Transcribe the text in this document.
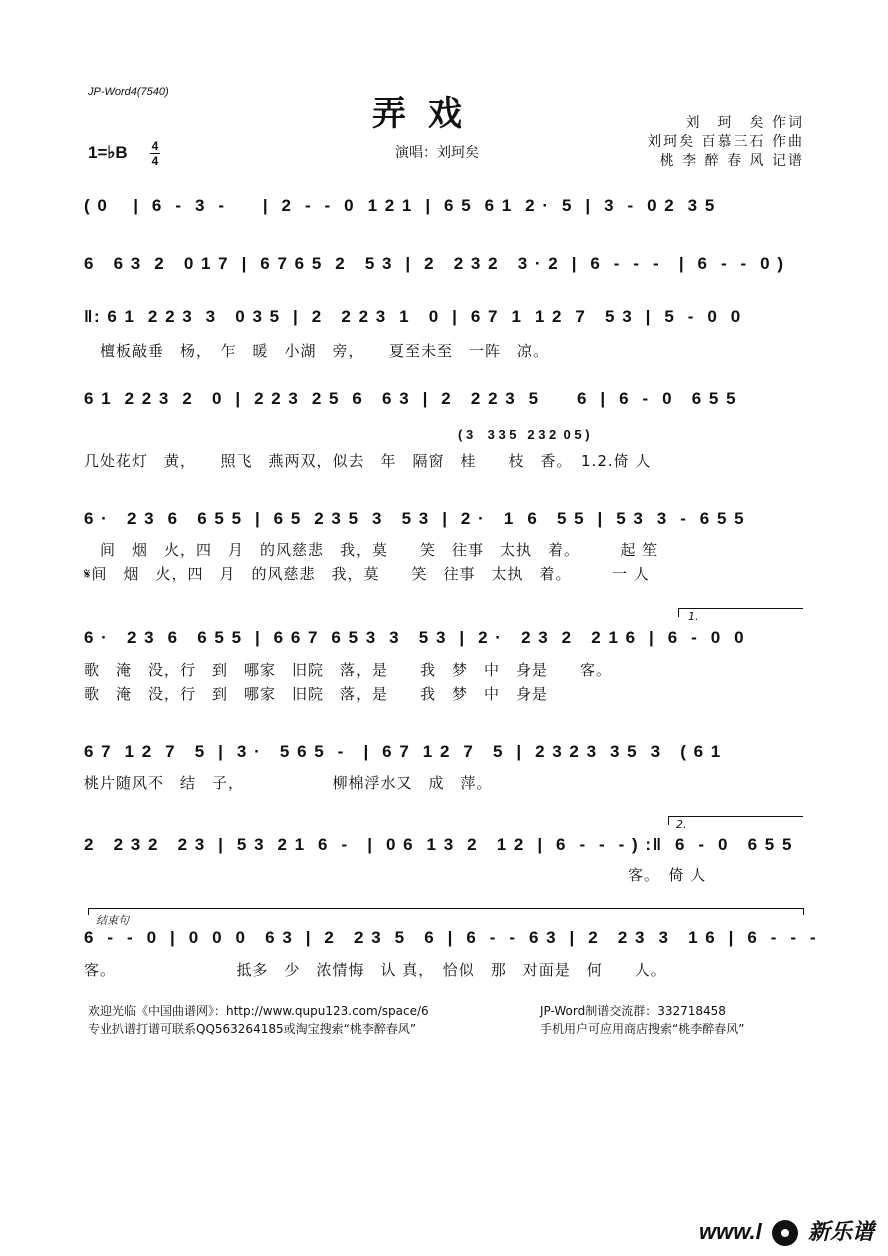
JP-Word4(7540)
弄戏
1=♭B 4
4	演唱：刘珂矣
刘　珂　矣 作词
刘珂矣 百慕三石 作曲
桃 李 醉 春 风 记谱
( 0    |  6  -  3  -      |  2  -  -  0  1 2 1  |  6 5  6 1  2 ·  5  |  3  -  0 2  3 5
6   6 3  2   0 1 7  |  6 7 6 5  2   5 3  |  2   2 3 2   3 · 2  |  6  -  -  -   |  6  -  -  0 )
‖: 6 1  2 2 3  3   0 3 5  |  2   2 2 3  1   0  |  6 7  1  1 2  7   5 3  |  5  -  0  0
　檀板敲垂　杨，　乍　暖　小湖　旁，　　夏至未至　一阵　凉。
6 1  2 2 3  2   0  |  2 2 3  2 5  6   6 3  |  2   2 2 3  5      6  |  6  -  0   6 5 5
( 3    3 3 5   2 3 2  0 5 )
几处花灯　黄，　　照飞　燕两双，似去　年　隔窗　桂　　枝　香。　1.2.倚 人
6 ·   2 3  6   6 5 5  |  6 5  2 3 5  3   5 3  |  2 ·   1  6   5 5  |  5 3  3  -  6 5 5
　间　烟　火，四　月　的风慈悲　我，莫　　笑　往事　太执　着。　　　起 笙
𝄋间　烟　火，四　月　的风慈悲　我，莫　　笑　往事　太执　着。　　　一 人
1.
6 ·   2 3  6   6 5 5  |  6 6 7  6 5 3  3   5 3  |  2 ·   2 3  2   2 1 6  |  6  -  0  0
歌　淹　没，行　到　哪家　旧院　落，是　　我　梦　中　身是　　客。
歌　淹　没，行　到　哪家　旧院　落，是　　我　梦　中　身是
6 7  1 2  7   5  |  3 ·   5 6 5  -   |  6 7  1 2  7   5  |  2 3 2 3  3 5  3   ( 6 1
桃片随风不　结　子，　　　　　　柳棉浮水又　成　萍。
2.
2   2 3 2   2 3  |  5 3  2 1  6  -   |  0 6  1 3  2   1 2  |  6  -  -  - ) :‖  6  -  0   6 5 5
　　　　　　　　　　　　　　　　　　　　　　　　　　　　　　　　　　客。　倚 人
结束句
6  -  -  0  |  0  0  0   6 3  |  2   2 3  5   6  |  6  -  -  6 3  |  2   2 3  3   1 6  |  6  -  -  -
客。　　　　　　　　抵多　少　浓情悔　认 真，　恰似　那　对面是　何　　人。
欢迎光临《中国曲谱网》：http://www.qupu123.com/space/6
专业扒谱打谱可联系QQ563264185或淘宝搜索“桃李醉春风”
JP-Word制谱交流群：332718458
手机用户可应用商店搜索“桃李醉春风”
www.l 新乐谱
